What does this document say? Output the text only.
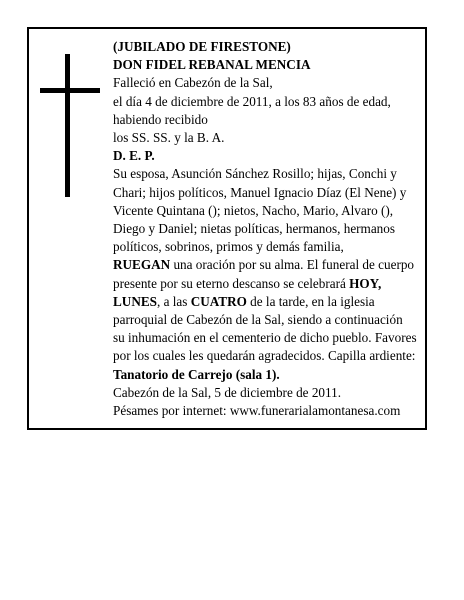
(JUBILADO DE FIRESTONE)

DON FIDEL REBANAL MENCIA

Falleció en Cabezón de la Sal,

el día 4 de diciembre de 2011, a los 83 años de edad, habiendo recibido

los SS. SS. y la B. A.

D. E. P.

Su esposa, Asunción Sánchez Rosillo; hijas, Conchi y Chari; hijos políticos, Manuel Ignacio Díaz (El Nene) y Vicente Quintana (); nietos, Nacho, Mario, Alvaro (), Diego y Daniel; nietas políticas, hermanos, hermanos políticos, sobrinos, primos y demás familia,

RUEGAN una oración por su alma. El funeral de cuerpo presente por su eterno descanso se celebrará HOY, LUNES, a las CUATRO de la tarde, en la iglesia parroquial de Cabezón de la Sal, siendo a continuación su inhumación en el cementerio de dicho pueblo. Favores por los cuales les quedarán agradecidos. Capilla ardiente: Tanatorio de Carrejo (sala 1).

Cabezón de la Sal, 5 de diciembre de 2011.

Pésames por internet: www.funerarialamontanesa.com
